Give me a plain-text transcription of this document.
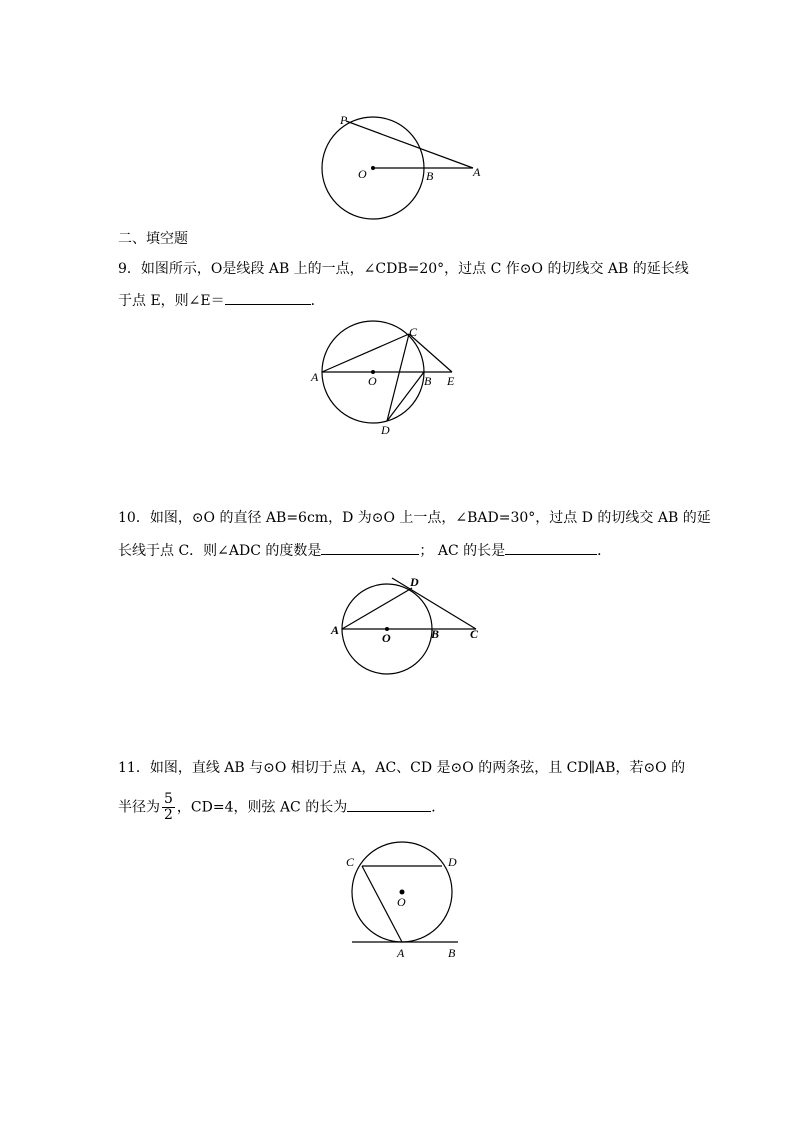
P
O	B	A
二、填空题
9．如图所示，O是线段 AB 上的一点，∠CDB=20°，过点 C 作⊙O 的切线交 AB 的延长线
于点 E，则∠E＝	．
A	O	B E
C
D
10．如图，⊙O 的直径 AB=6cm，D 为⊙O 上一点，∠BAD=30°，过点 D 的切线交 AB 的延
长线于点 C．则∠ADC 的度数是	； AC 的长是	．
A
O	B	C
D
11．如图，直线 AB 与⊙O 相切于点 A，AC、CD 是⊙O 的两条弦，且 CD∥AB，若⊙O 的
半径为 $\frac{5}{2}$ ，CD=4，则弦 AC 的长为	．
C	D
O
A	B
